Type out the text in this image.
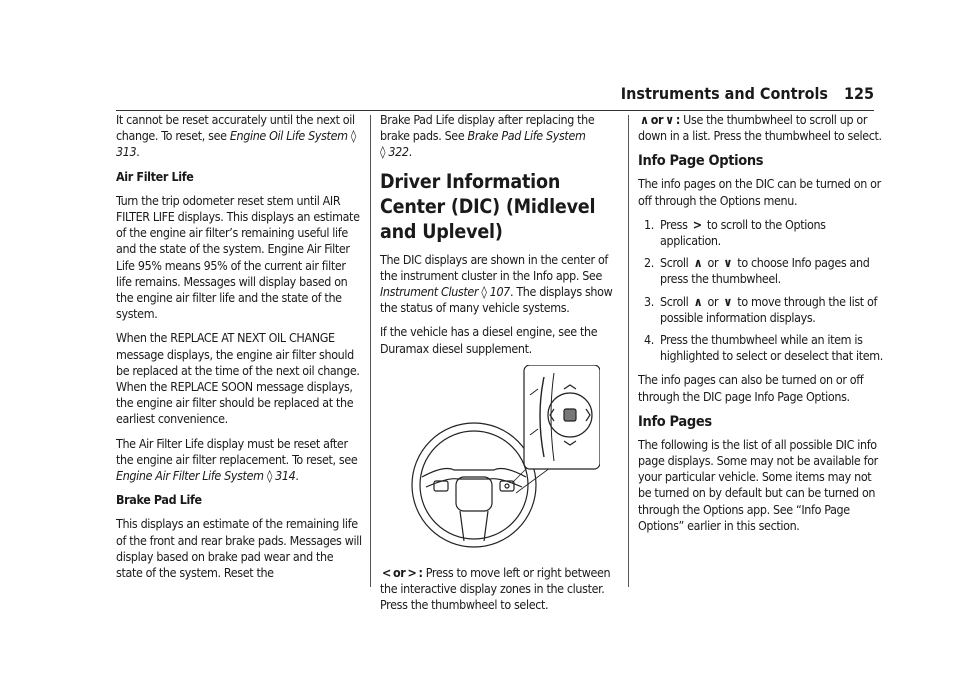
Instruments and Controls 125

It cannot be reset accurately until the next oil change. To reset, see Engine Oil Life System ◊ 313.

Air Filter Life

Turn the trip odometer reset stem until AIR FILTER LIFE displays. This displays an estimate of the engine air filter’s remaining useful life and the state of the system. Engine Air Filter Life 95% means 95% of the current air filter life remains. Messages will display based on the engine air filter life and the state of the system.

When the REPLACE AT NEXT OIL CHANGE message displays, the engine air filter should be replaced at the time of the next oil change. When the REPLACE SOON message displays, the engine air filter should be replaced at the earliest convenience.

The Air Filter Life display must be reset after the engine air filter replacement. To reset, see Engine Air Filter Life System ◊ 314.

Brake Pad Life

This displays an estimate of the remaining life of the front and rear brake pads. Messages will display based on brake pad wear and the state of the system. Reset the

Brake Pad Life display after replacing the brake pads. See Brake Pad Life System
◊ 322.

Driver Information Center (DIC) (Midlevel and Uplevel)

The DIC displays are shown in the center of the instrument cluster in the Info app. See Instrument Cluster ◊ 107. The displays show the status of many vehicle systems.

If the vehicle has a diesel engine, see the Duramax diesel supplement.

< or > : Press to move left or right between the interactive display zones in the cluster. Press the thumbwheel to select.

∧ or ∨ : Use the thumbwheel to scroll up or down in a list. Press the thumbwheel to select.

Info Page Options

The info pages on the DIC can be turned on or off through the Options menu.

1. Press > to scroll to the Options application.
2. Scroll ∧ or ∨ to choose Info pages and press the thumbwheel.
3. Scroll ∧ or ∨ to move through the list of possible information displays.
4. Press the thumbwheel while an item is highlighted to select or deselect that item.

The info pages can also be turned on or off through the DIC page Info Page Options.

Info Pages

The following is the list of all possible DIC info page displays. Some may not be available for your particular vehicle. Some items may not be turned on by default but can be turned on through the Options app. See “Info Page Options” earlier in this section.
